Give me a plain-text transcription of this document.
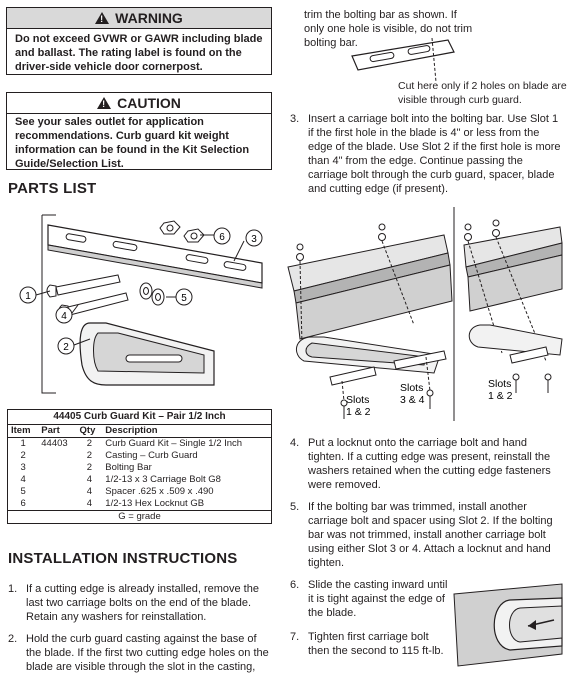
!WARNING
Do not exceed GVWR or GAWR including blade and ballast. The rating label is found on the driver-side vehicle door cornerpost.
!CAUTION
See your sales outlet for application recommendations. Curb guard kit weight information can be found in the Kit Selection Guide/Selection List.
PARTS LIST
1
2
3
4
5
6
44405 Curb Guard Kit – Pair 1/2 Inch			
Item	Part	Qty	Description
1	44403	2	Curb Guard Kit – Single 1/2 Inch
2		2	Casting – Curb Guard
3		2	Bolting Bar
4		4	1/2-13 x 3 Carriage Bolt G8
5		4	Spacer .625 x .509 x .490
6		4	1/2-13 Hex Locknut GB
G = grade			
INSTALLATION INSTRUCTIONS
1. If a cutting edge is already installed, remove the last two carriage bolts on the end of the blade. Retain any washers for reinstallation.
2. Hold the curb guard casting against the base of the blade. If the first two cutting edge holes on the blade are visible through the slot in the casting,
trim the bolting bar as shown. If only one hole is visible, do not trim bolting bar.
Cut here only if 2 holes on blade are visible through curb guard.
3. Insert a carriage bolt into the bolting bar. Use Slot 1 if the first hole in the blade is 4" or less from the edge of the blade. Use Slot 2 if the first hole is more than 4" from the edge. Continue passing the carriage bolt through the curb guard, spacer, blade and cutting edge (if present).
Slots
1 & 2
Slots
3 & 4
Slots
1 & 2
4. Put a locknut onto the carriage bolt and hand tighten. If a cutting edge was present, reinstall the washers retained when the cutting edge fasteners were removed.
5. If the bolting bar was trimmed, install another carriage bolt and spacer using Slot 2. If the bolting bar was not trimmed, install another carriage bolt using either Slot 3 or 4. Attach a locknut and hand tighten.
6. Slide the casting inward until it is tight against the edge of the blade.
7. Tighten first carriage bolt then the second to 115 ft-lb.
